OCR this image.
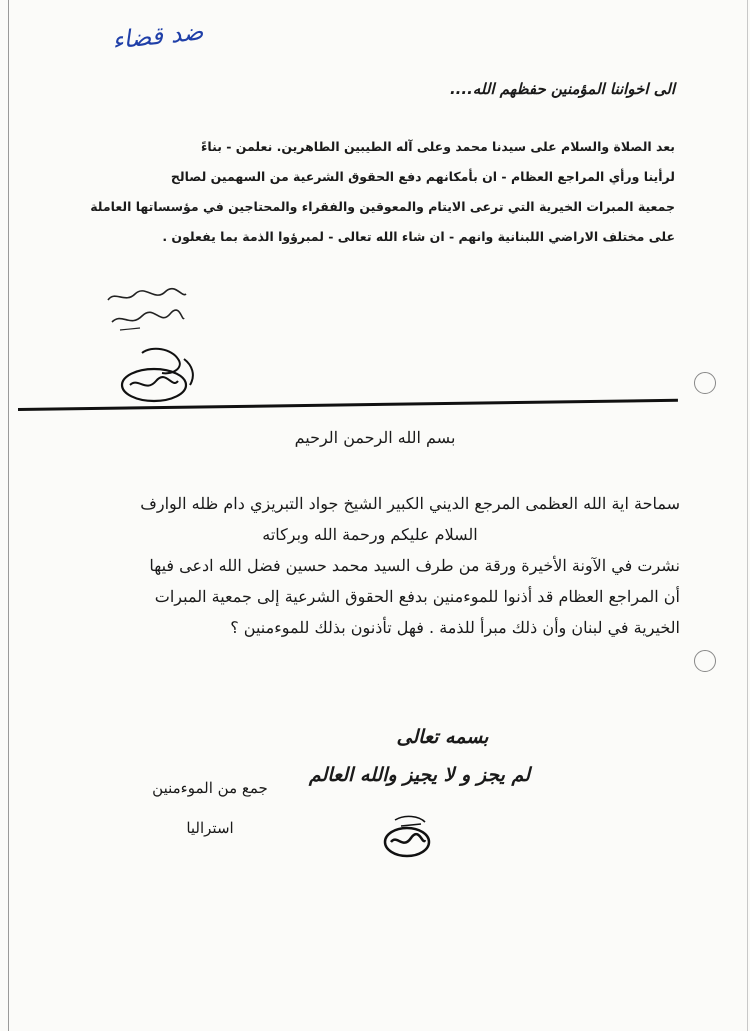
ضد قضاء
الى اخواننا المؤمنين حفظهم الله....

بعد الصلاة والسلام على سيدنا محمد وعلى آله الطيبين الطاهرين. نعلمن - بناءً

لرأينا ورأي المراجع العظام - ان بأمكانهم دفع الحقوق الشرعية من السهمين لصالح

جمعية المبرات الخيرية التي ترعى الايتام والمعوقين والفقراء والمحتاجين في مؤسساتها العاملة

على مختلف الاراضي اللبنانية وانهم - ان شاء الله تعالى - لمبرؤوا الذمة بما يفعلون .

بسم الله الرحمن الرحيم

سماحة اية الله العظمى المرجع الديني الكبير الشيخ جواد التبريزي دام ظله الوارف

السلام عليكم ورحمة الله وبركاته

نشرت في الآونة الأخيرة ورقة من طرف السيد محمد حسين فضل الله ادعى فيها

أن المراجع العظام قد أذنوا للموءمنين بدفع الحقوق الشرعية إلى جمعية المبرات

الخيرية في لبنان وأن ذلك مبرأ للذمة . فهل تأذنون بذلك للموءمنين ؟

جمع من الموءمنين

استراليا

بسمه تعالى

لم يجز و لا يجيز والله العالم
